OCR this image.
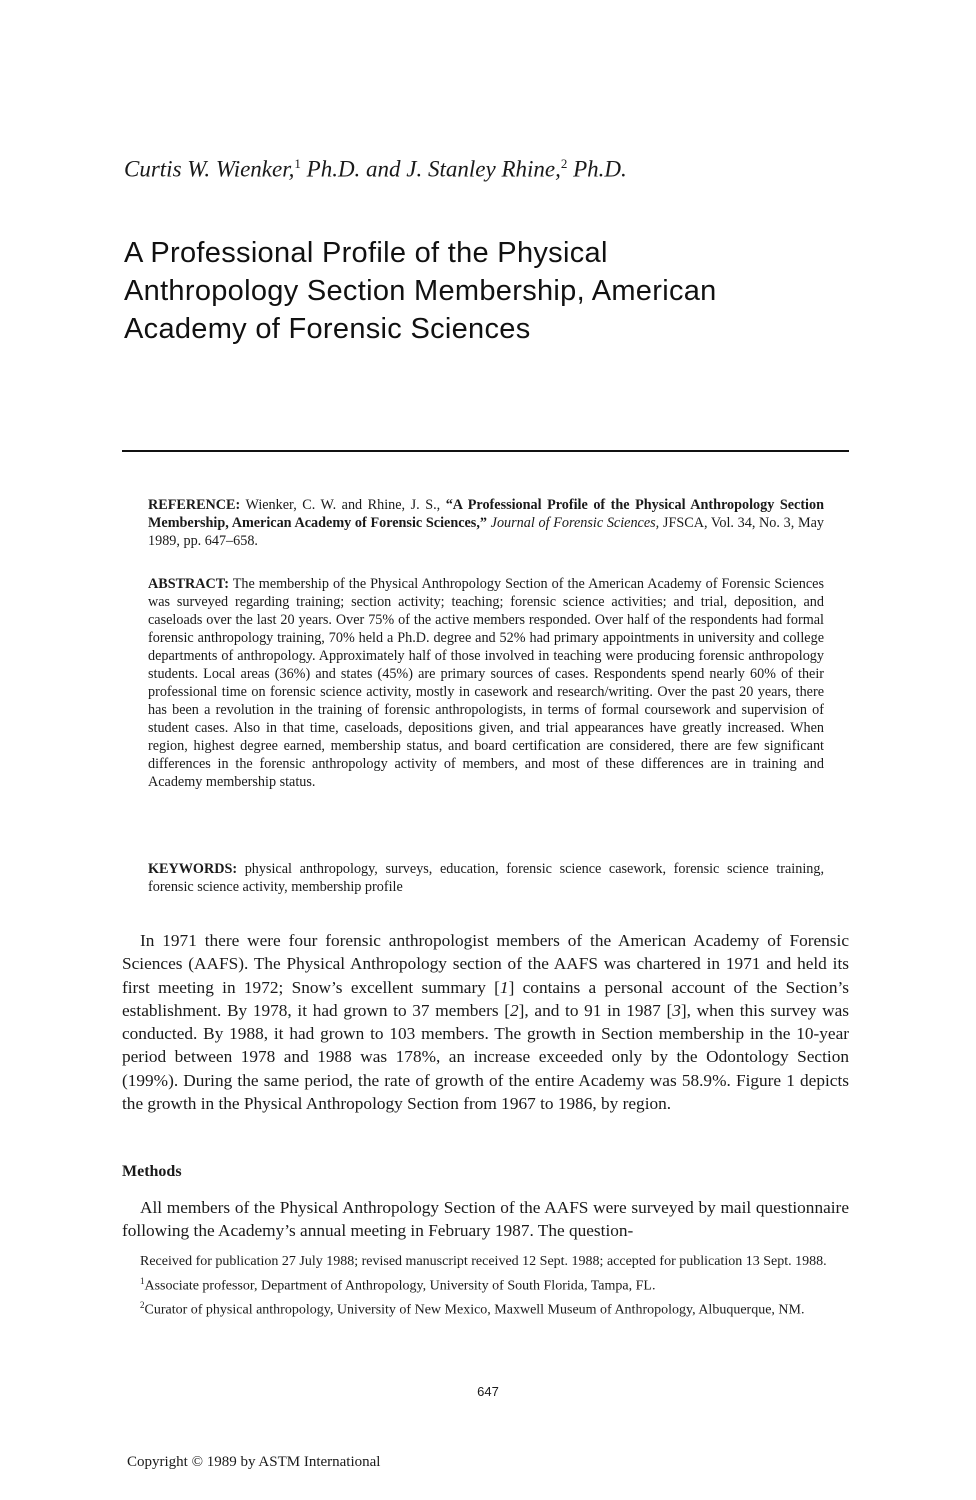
Curtis W. Wienker,$^1$ Ph.D. and J. Stanley Rhine,$^2$ Ph.D.
A Professional Profile of the Physical Anthropology Section Membership, American Academy of Forensic Sciences
REFERENCE: Wienker, C. W. and Rhine, J. S., “A Professional Profile of the Physical Anthropology Section Membership, American Academy of Forensic Sciences,” Journal of Forensic Sciences, JFSCA, Vol. 34, No. 3, May 1989, pp. 647–658.
ABSTRACT: The membership of the Physical Anthropology Section of the American Academy of Forensic Sciences was surveyed regarding training; section activity; teaching; forensic science activities; and trial, deposition, and caseloads over the last 20 years. Over 75% of the active members responded. Over half of the respondents had formal forensic anthropology training, 70% held a Ph.D. degree and 52% had primary appointments in university and college departments of anthropology. Approximately half of those involved in teaching were producing forensic anthropology students. Local areas (36%) and states (45%) are primary sources of cases. Respondents spend nearly 60% of their professional time on forensic science activity, mostly in casework and research/writing. Over the past 20 years, there has been a revolution in the training of forensic anthropologists, in terms of formal coursework and supervision of student cases. Also in that time, caseloads, depositions given, and trial appearances have greatly increased. When region, highest degree earned, membership status, and board certification are considered, there are few significant differences in the forensic anthropology activity of members, and most of these differences are in training and Academy membership status.
KEYWORDS: physical anthropology, surveys, education, forensic science casework, forensic science training, forensic science activity, membership profile
In 1971 there were four forensic anthropologist members of the American Academy of Forensic Sciences (AAFS). The Physical Anthropology section of the AAFS was chartered in 1971 and held its first meeting in 1972; Snow’s excellent summary [1] contains a personal account of the Section’s establishment. By 1978, it had grown to 37 members [2], and to 91 in 1987 [3], when this survey was conducted. By 1988, it had grown to 103 members. The growth in Section membership in the 10-year period between 1978 and 1988 was 178%, an increase exceeded only by the Odontology Section (199%). During the same period, the rate of growth of the entire Academy was 58.9%. Figure 1 depicts the growth in the Physical Anthropology Section from 1967 to 1986, by region.
Methods
All members of the Physical Anthropology Section of the AAFS were surveyed by mail questionnaire following the Academy’s annual meeting in February 1987. The question-

Received for publication 27 July 1988; revised manuscript received 12 Sept. 1988; accepted for publication 13 Sept. 1988.

$^1$Associate professor, Department of Anthropology, University of South Florida, Tampa, FL.

$^2$Curator of physical anthropology, University of New Mexico, Maxwell Museum of Anthropology, Albuquerque, NM.

647
Copyright © 1989 by ASTM International
